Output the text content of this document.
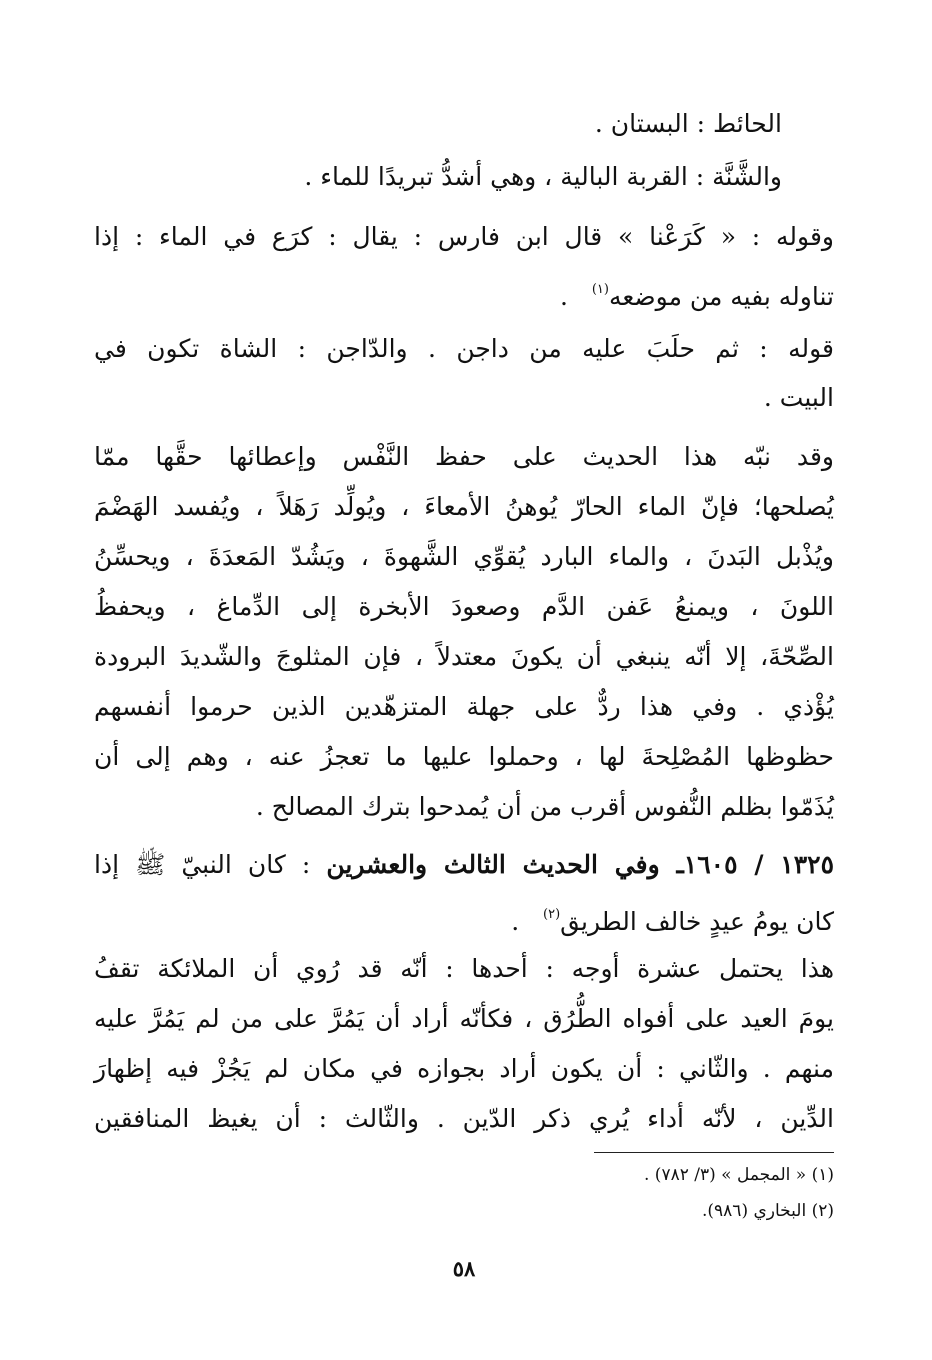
الحائط : البستان .
والشَّنَّة : القربة البالية ، وهي أشدُّ تبريدًا للماء .
وقوله : « كَرَعْنا » قال ابن فارس : يقال : كرَع في الماء : إذا
تناوله بفيه من موضعه$^{(١)}$   .
قوله : ثم حلَبَ عليه من داجن . والدّاجن : الشاة تكون في
البيت .
وقد نبّه هذا الحديث على حفظ النَّفْس وإعطائها حقَّها ممّا
يُصلحها؛ فإنّ الماء الحارّ يُوهنُ الأمعاءَ ، ويُولِّد رَهَلاً ، ويُفسد الهَضْمَ
ويُذْبل البَدنَ ، والماء البارد يُقوِّي الشَّهوةَ ، ويَشُدّ المَعدَةَ ، ويحسِّنُ
اللونَ ، ويمنعُ عَفن الدَّم وصعودَ الأبخرة إلى الدِّماغ ، ويحفظُ
الصِّحّةَ، إلا أنّه ينبغي أن يكونَ معتدلاً ، فإن المثلوجَ والشّديدَ البرودة
يُؤْذي . وفي هذا ردٌّ على جهلة المتزهّدين الذين حرموا أنفسهم
حظوظها المُصْلِحةَ لها ، وحملوا عليها ما تعجزُ عنه ، وهم إلى أن
يُذَمّوا بظلم النُّفوس أقرب من أن يُمدحوا بترك المصالح .
١٣٢٥ / ١٦٠٥ـ وفي الحديث الثالث والعشرين : كان النبيّ ﷺ إذا
كان يومُ عيدٍ خالف الطريق$^{(٢)}$   .
هذا يحتمل عشرة أوجه : أحدها : أنّه قد رُوي أن الملائكة تقفُ
يومَ العيد على أفواه الطُّرُق ، فكأنّه أراد أن يَمُرَّ على من لم يَمُرَّ عليه
منهم . والثّاني : أن يكون أراد بجوازه في مكان لم يَجُزْ فيه إظهارَ
الدِّين ، لأنّه أداء يُري ذكر الدّين . والثّالث : أن يغيظ المنافقين
(١) « المجمل » (٣/ ٧٨٢) .
(٢) البخاري (٩٨٦).
٥٨
